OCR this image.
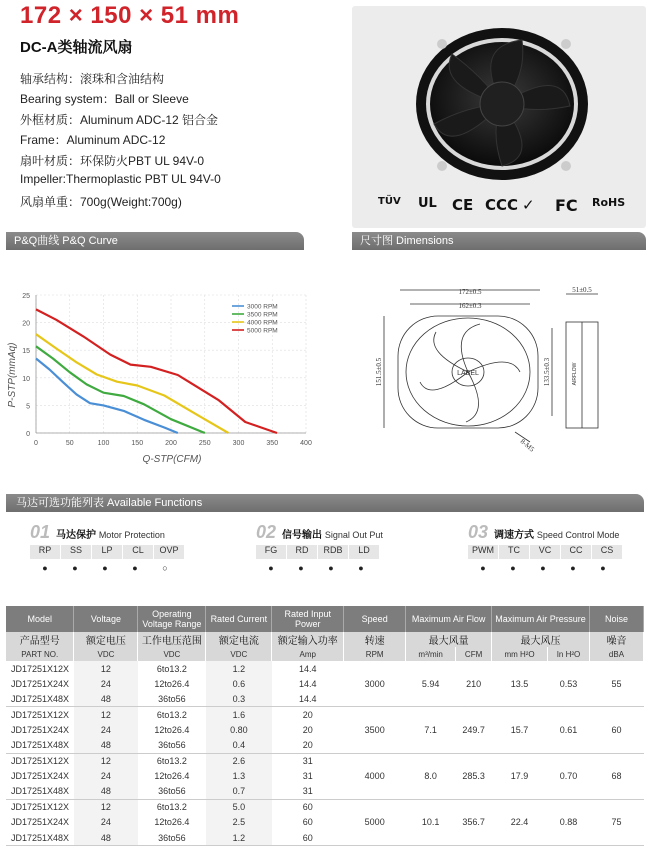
172 × 150 × 51 mm
DC-A类轴流风扇
轴承结构：滚珠和含油结构
Bearing system：Ball or Sleeve
外框材质：Aluminum ADC-12 铝合金
Frame：Aluminum ADC-12
扇叶材质：环保防火PBT UL 94V-0
Impeller:Thermoplastic PBT UL 94V-0
风扇单重：700g(Weight:700g)	TÜV UL CE CCC ✓ FC RoHS
P&Q曲线 P&Q Curve	尺寸图 Dimensions
0	50	100	150	200	250	300	350	400
0
5
10
15
20
25
3000 RPM
3500 RPM
4000 RPM
5000 RPM
Q-STP(CFM)
P-STP(mmAq)
172±0.5
162±0.3
151.5±0.5	133.5±0.3
51±0.5
8-M5
LABEL	AIRFLOW
马达可选功能列表 Available Functions
01 马达保护 Motor Protection
RP	SS	LP	CL	OVP
●	●	●	●	○
02 信号输出 Signal Out Put
FG	RD	RDB	LD
●	●	●	●
03 调速方式 Speed Control Mode
PWM	TC	VC	CC	CS
●	●	●	●	●
Model	Voltage	Operating Voltage Range	Rated Current	Rated Input Power	Speed	Maximum Air Flow		Maximum Air Pressure		Noise
产品型号	额定电压	工作电压范围	额定电流	额定输入功率	转速	最大风量		最大风压		噪音
PART NO.	VDC	VDC	VDC	Amp	RPM	m³/min	CFM	mm H²O	In H²O	dBA
JD17251X12X	12	6to13.2	1.2	14.4	3000	5.94	210	13.5	0.53	55
JD17251X24X	24	12to26.4	0.6	14.4						
JD17251X48X	48	36to56	0.3	14.4						
JD17251X12X	12	6to13.2	1.6	20	3500	7.1	249.7	15.7	0.61	60
JD17251X24X	24	12to26.4	0.80	20						
JD17251X48X	48	36to56	0.4	20						
JD17251X12X	12	6to13.2	2.6	31	4000	8.0	285.3	17.9	0.70	68
JD17251X24X	24	12to26.4	1.3	31						
JD17251X48X	48	36to56	0.7	31						
JD17251X12X	12	6to13.2	5.0	60	5000	10.1	356.7	22.4	0.88	75
JD17251X24X	24	12to26.4	2.5	60						
JD17251X48X	48	36to56	1.2	60						
